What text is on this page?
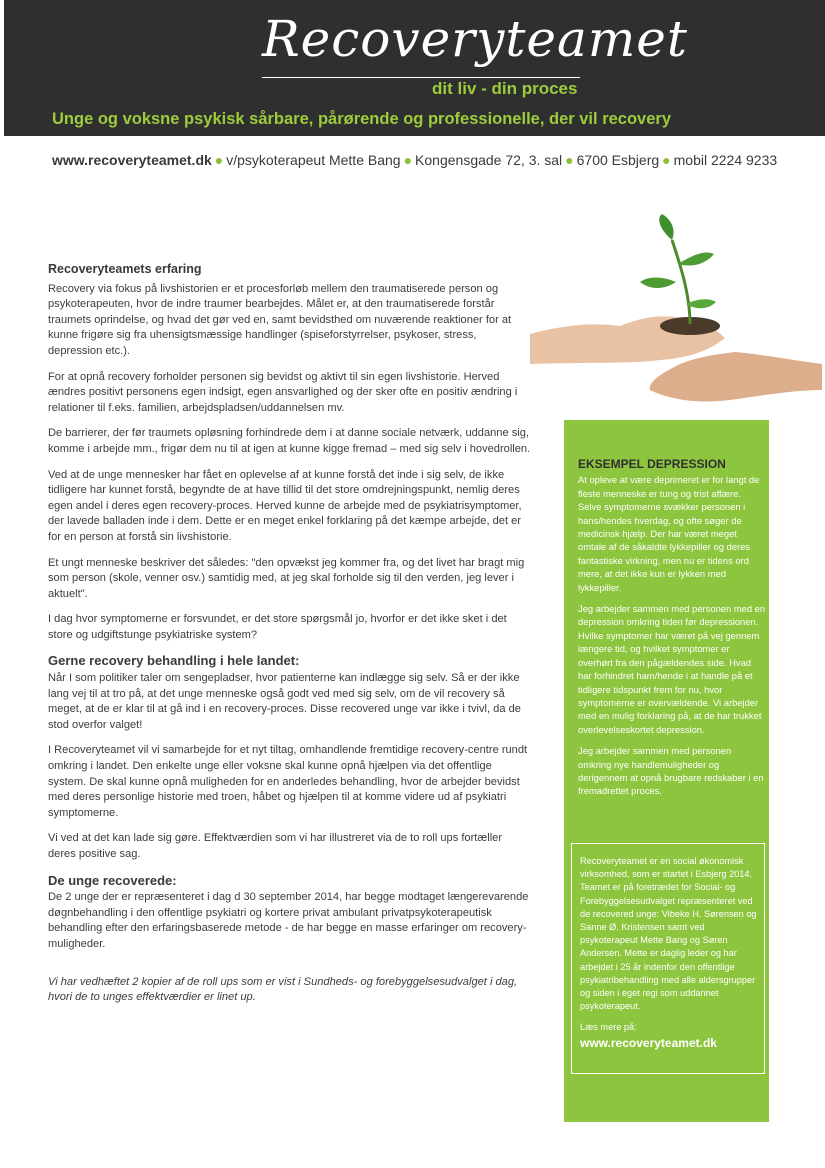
Recoveryteamet
dit liv - din proces
Unge og voksne psykisk sårbare, pårørende og professionelle, der vil recovery
www.recoveryteamet.dk ● v/psykoterapeut Mette Bang ● Kongensgade 72, 3. sal ● 6700 Esbjerg ● mobil 2224 9233
Recoveryteamets erfaring

Recovery via fokus på livshistorien er et procesforløb mellem den traumatiserede person og psykoterapeuten, hvor de indre traumer bearbejdes. Målet er, at den traumatiserede forstår traumets oprindelse, og hvad det gør ved en, samt bevidsthed om nuværende reaktioner for at kunne frigøre sig fra uhensigtsmæssige handlinger (spiseforstyrrelser, psykoser, stress, depression etc.).

For at opnå recovery forholder personen sig bevidst og aktivt til sin egen livshistorie. Herved ændres positivt personens egen indsigt, egen ansvarlighed og der sker ofte en positiv ændring i relationer til f.eks. familien, arbejdspladsen/uddannelsen mv.

De barrierer, der før traumets opløsning forhindrede dem i at danne sociale netværk, uddanne sig, komme i arbejde mm., frigør dem nu til at igen at kunne kigge fremad – med sig selv i hovedrollen.

Ved at de unge mennesker har fået en oplevelse af at kunne forstå det inde i sig selv, de ikke tidligere har kunnet forstå, begyndte de at have tillid til det store omdrejningspunkt, nemlig deres egen andel i deres egen recovery-proces. Herved kunne de arbejde med de psykiatrisymptomer, der lavede balladen inde i dem. Dette er en meget enkel forklaring på det kæmpe arbejde, det er for en person at forstå sin livshistorie.

Et ungt menneske beskriver det således: "den opvækst jeg kommer fra, og det livet har bragt mig som person (skole, venner osv.) samtidig med, at jeg skal forholde sig til den verden, jeg lever i aktuelt".

I dag hvor symptomerne er forsvundet, er det store spørgsmål jo, hvorfor er det ikke sket i det store og udgiftstunge psykiatriske system?

Gerne recovery behandling i hele landet:

Når I som politiker taler om sengepladser, hvor patienterne kan indlægge sig selv. Så er der ikke lang vej til at tro på, at det unge menneske også godt ved med sig selv, om de vil recovery så meget, at de er klar til at gå ind i en recovery-proces. Disse recovered unge var ikke i tvivl, da de stod overfor valget!

I Recoveryteamet vil vi samarbejde for et nyt tiltag, omhandlende fremtidige recovery-centre rundt omkring i landet. Den enkelte unge eller voksne skal kunne opnå hjælpen via det offentlige system. De skal kunne opnå muligheden for en anderledes behandling, hvor de arbejder bevidst med deres personlige historie med troen, håbet og hjælpen til at komme videre ud af psykiatri symptomerne.

Vi ved at det kan lade sig gøre. Effektværdien som vi har illustreret via de to roll ups fortæller deres positive sag.

De unge recoverede:

De 2 unge der er repræsenteret i dag d 30 september 2014, har begge modtaget længerevarende døgnbehandling i den offentlige psykiatri og kortere privat ambulant privatpsykoterapeutisk behandling efter den erfaringsbaserede metode - de har begge en masse erfaringer om recovery-muligheder.

Vi har vedhæftet 2 kopier af de roll ups som er vist i Sundheds- og forebyggelsesudvalget i dag, hvori de to unges effektværdier er linet up.

EKSEMPEL DEPRESSION

At opleve at være deprimeret er for langt de fleste menneske er tung og trist affære. Selve symptomerne svækker personen i hans/hendes hverdag, og ofte søger de medicinsk hjælp. Der har været meget omtale af de såkaldte lykkepiller og deres fantastiske virkning, men nu er tidens ord mere, at det ikke kun er lykken med lykkepiller.

Jeg arbejder sammen med personen med en depression omkring tiden før depressionen. Hvilke symptomer har været på vej gennem længere tid, og hvilket symptomer er overhørt fra den pågældendes side. Hvad har forhindret ham/hende i at handle på et tidligere tidspunkt frem for nu, hvor symptomerne er overvældende. Vi arbejder med en mulig forklaring på, at de har trukket overlevelseskortet depression.

Jeg arbejder sammen med personen omkring nye handlemuligheder og derigennem at opnå brugbare redskaber i en fremadrettet proces.

Recoveryteamet er en social økonomisk virksomhed, som er startet i Esbjerg 2014. Teamet er på foretrædet for Social- og Forebyggelsesudvalget repræsenteret ved de recovered unge: Vibeke H. Sørensen og Sanne Ø. Kristensen samt ved psykoterapeut Mette Bang og Søren Andersen. Mette er daglig leder og har arbejdet i 25 år indenfor den offentlige psykiatribehandling med alle aldersgrupper og siden i eget regi som uddannet psykoterapeut.

Læs mere på:

www.recoveryteamet.dk
